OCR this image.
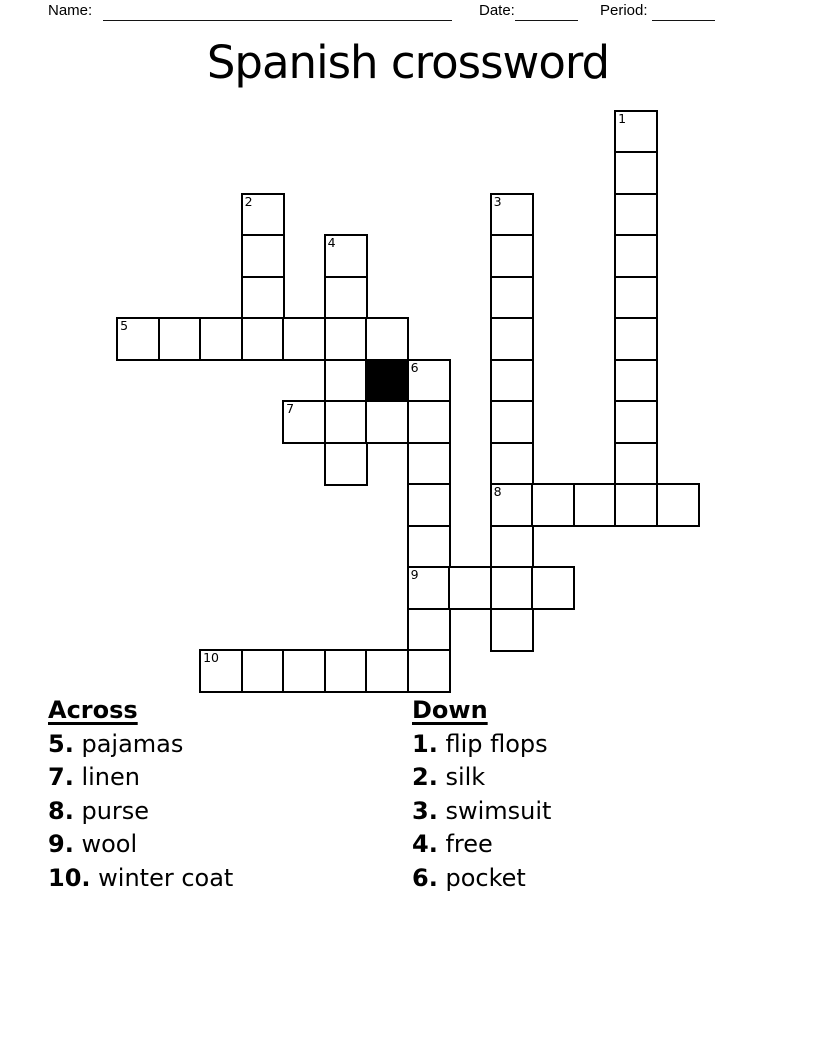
Name:	Date:	Period:
Spanish crossword
1
2	3
4
5
6
7
8
9
10
Across
5. pajamas
7. linen
8. purse
9. wool
10. winter coat
Down
1. flip flops
2. silk
3. swimsuit
4. free
6. pocket
